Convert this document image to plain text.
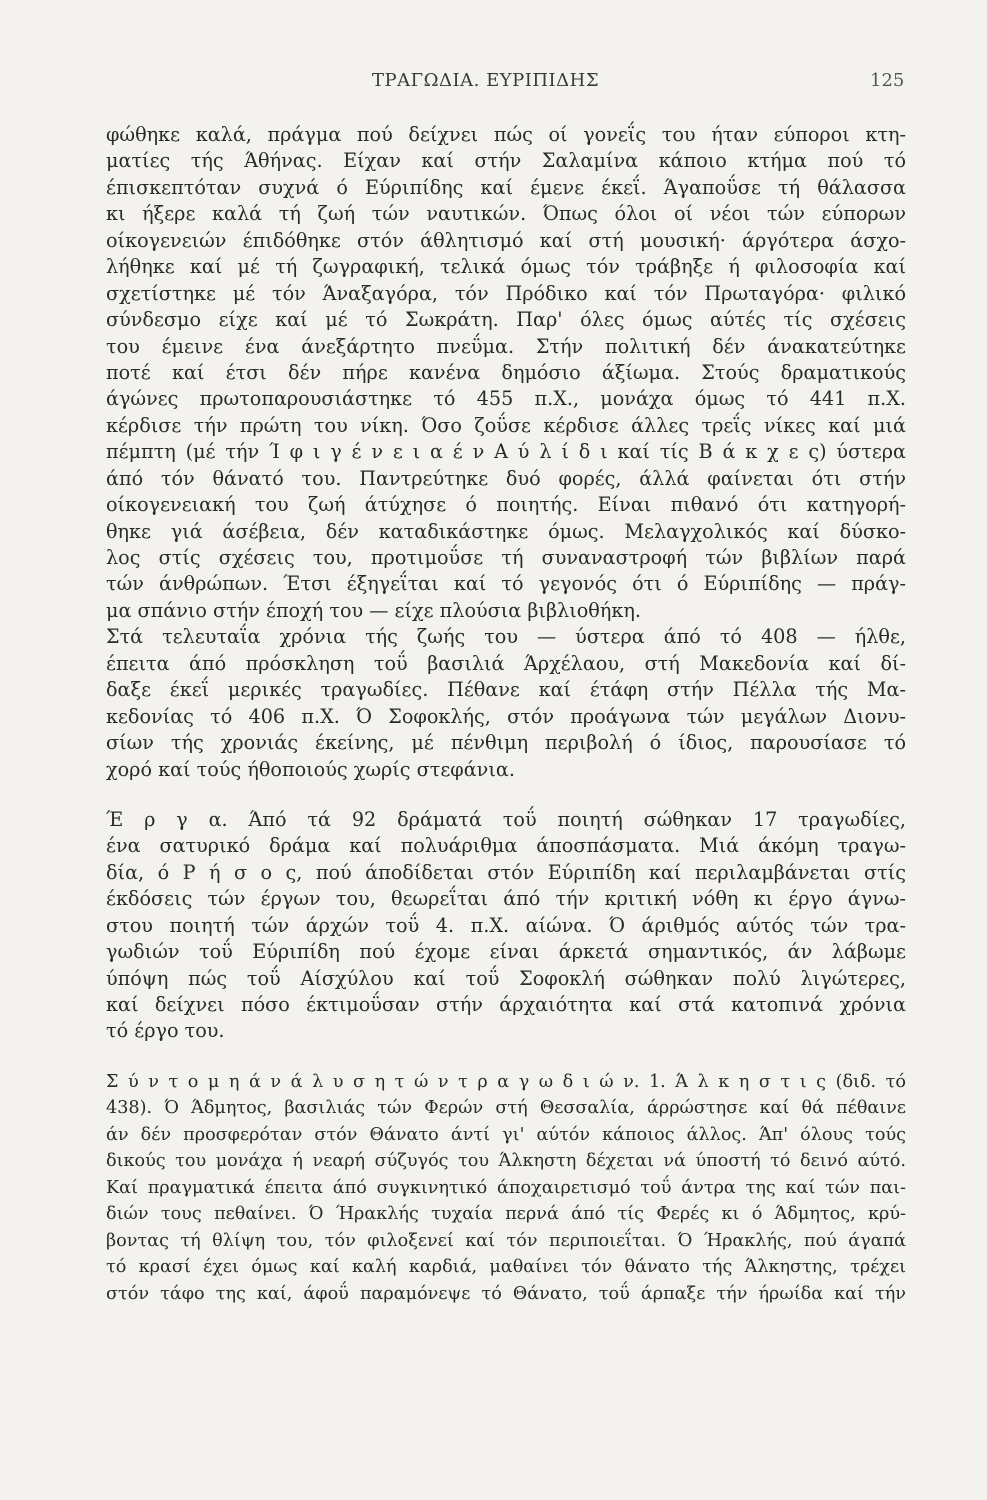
ΤΡΑΓΩΔΙΑ. ΕΥΡΙΠΙΔΗΣ	125
φώθηκε καλά, πράγμα πού δείχνει πώς οί γονεΐς του ήταν εύποροι κτη-
ματίες τής Άθήνας. Είχαν καί στήν Σαλαμίνα κάποιο κτήμα πού τό
έπισκεπτόταν συχνά ό Εύριπίδης καί έμενε έκεΐ. Άγαποΰσε τή θάλασσα
κι ήξερε καλά τή ζωή τών ναυτικών. Όπως όλοι οί νέοι τών εύπορων
οίκογενειών έπιδόθηκε στόν άθλητισμό καί στή μουσική· άργότερα άσχο-
λήθηκε καί μέ τή ζωγραφική, τελικά όμως τόν τράβηξε ή φιλοσοφία καί
σχετίστηκε μέ τόν Άναξαγόρα, τόν Πρόδικο καί τόν Πρωταγόρα· φιλικό
σύνδεσμο είχε καί μέ τό Σωκράτη. Παρ' όλες όμως αύτές τίς σχέσεις
του έμεινε ένα άνεξάρτητο πνεΰμα. Στήν πολιτική δέν άνακατεύτηκε
ποτέ καί έτσι δέν πήρε κανένα δημόσιο άξίωμα. Στούς δραματικούς
άγώνες πρωτοπαρουσιάστηκε τό 455 π.Χ., μονάχα όμως τό 441 π.Χ.
κέρδισε τήν πρώτη του νίκη. Όσο ζοΰσε κέρδισε άλλες τρεΐς νίκες καί μιά
πέμπτη (μέ τήν Ί φ ι γ έ ν ε ι α έ ν Α ύ λ ί δ ι καί τίς Β ά κ χ ε ς) ύστερα
άπό τόν θάνατό του. Παντρεύτηκε δυό φορές, άλλά φαίνεται ότι στήν
οίκογενειακή του ζωή άτύχησε ό ποιητής. Είναι πιθανό ότι κατηγορή-
θηκε γιά άσέβεια, δέν καταδικάστηκε όμως. Μελαγχολικός καί δύσκο-
λος στίς σχέσεις του, προτιμοΰσε τή συναναστροφή τών βιβλίων παρά
τών άνθρώπων. Έτσι έξηγεΐται καί τό γεγονός ότι ό Εύριπίδης — πράγ-
μα σπάνιο στήν έποχή του — είχε πλούσια βιβλιοθήκη.
Στά τελευταΐα χρόνια τής ζωής του — ύστερα άπό τό 408 — ήλθε,
έπειτα άπό πρόσκληση τοΰ βασιλιά Άρχέλαου, στή Μακεδονία καί δί-
δαξε έκεΐ μερικές τραγωδίες. Πέθανε καί έτάφη στήν Πέλλα τής Μα-
κεδονίας τό 406 π.Χ. Ό Σοφοκλής, στόν προάγωνα τών μεγάλων Διονυ-
σίων τής χρονιάς έκείνης, μέ πένθιμη περιβολή ό ίδιος, παρουσίασε τό
χορό καί τούς ήθοποιούς χωρίς στεφάνια.
Έ ρ γ α. Άπό τά 92 δράματά τοΰ ποιητή σώθηκαν 17 τραγωδίες,
ένα σατυρικό δράμα καί πολυάριθμα άποσπάσματα. Μιά άκόμη τραγω-
δία, ό Ρ ή σ ο ς, πού άποδίδεται στόν Εύριπίδη καί περιλαμβάνεται στίς
έκδόσεις τών έργων του, θεωρεΐται άπό τήν κριτική νόθη κι έργο άγνω-
στου ποιητή τών άρχών τοΰ 4. π.Χ. αίώνα. Ό άριθμός αύτός τών τρα-
γωδιών τοΰ Εύριπίδη πού έχομε είναι άρκετά σημαντικός, άν λάβωμε
ύπόψη πώς τοΰ Αίσχύλου καί τοΰ Σοφοκλή σώθηκαν πολύ λιγώτερες,
καί δείχνει πόσο έκτιμοΰσαν στήν άρχαιότητα καί στά κατοπινά χρόνια
τό έργο του.
Σ ύ ν τ ο μ η ά ν ά λ υ σ η τ ώ ν τ ρ α γ ω δ ι ώ ν. 1. Ά λ κ η σ τ ι ς (διδ. τό
438). Ό Άδμητος, βασιλιάς τών Φερών στή Θεσσαλία, άρρώστησε καί θά πέθαινε
άν δέν προσφερόταν στόν Θάνατο άντί γι' αύτόν κάποιος άλλος. Άπ' όλους τούς
δικούς του μονάχα ή νεαρή σύζυγός του Άλκηστη δέχεται νά ύποστή τό δεινό αύτό.
Καί πραγματικά έπειτα άπό συγκινητικό άποχαιρετισμό τοΰ άντρα της καί τών παι-
διών τους πεθαίνει. Ό Ήρακλής τυχαία περνά άπό τίς Φερές κι ό Άδμητος, κρύ-
βοντας τή θλίψη του, τόν φιλοξενεί καί τόν περιποιεΐται. Ό Ήρακλής, πού άγαπά
τό κρασί έχει όμως καί καλή καρδιά, μαθαίνει τόν θάνατο τής Άλκηστης, τρέχει
στόν τάφο της καί, άφοΰ παραμόνεψε τό Θάνατο, τοΰ άρπαξε τήν ήρωίδα καί τήν
